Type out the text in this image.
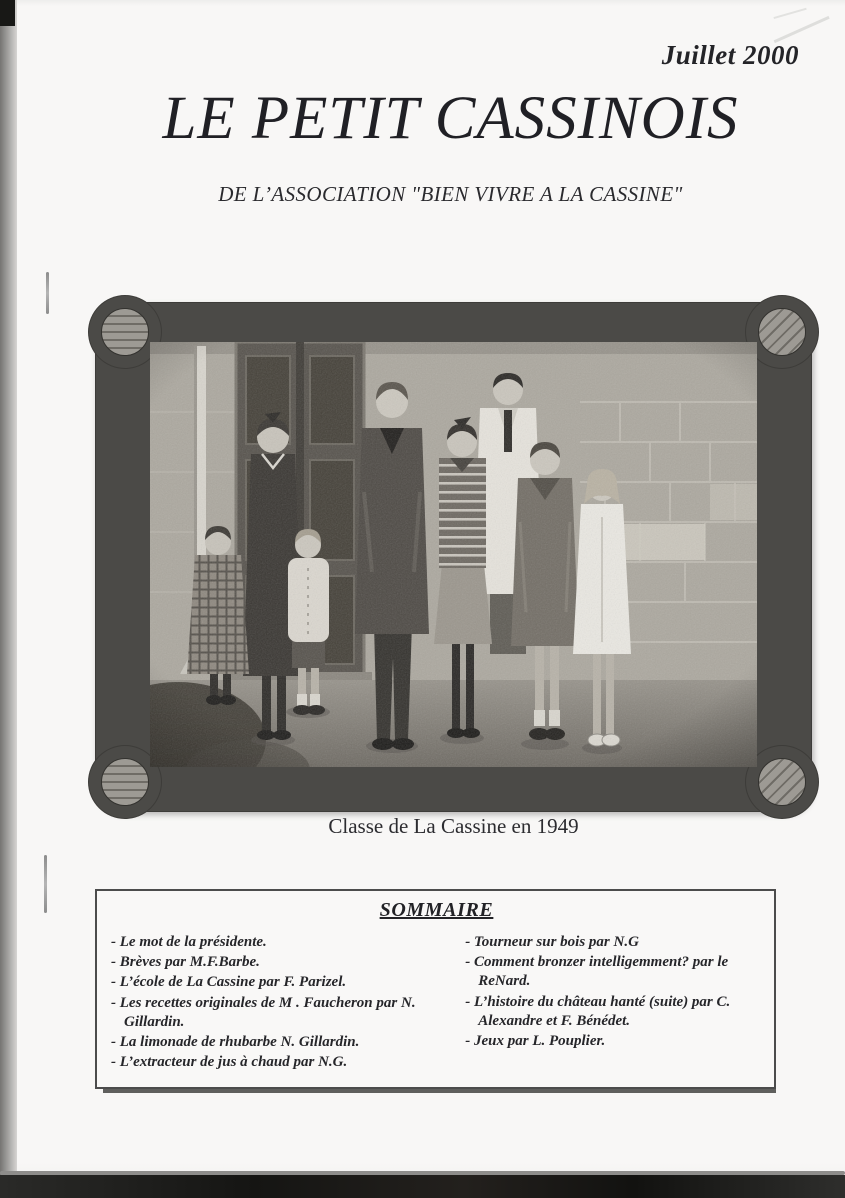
Juillet 2000
LE PETIT CASSINOIS
DE L’ASSOCIATION "BIEN VIVRE A LA CASSINE"
Classe de La Cassine en 1949
SOMMAIRE
- Le mot de la présidente.
- Brèves par M.F.Barbe.
- L’école de La Cassine par F. Parizel.
- Les recettes originales de M . Faucheron par N. Gillardin.
- La limonade de rhubarbe N. Gillardin.
- L’extracteur de jus à chaud par N.G.
- Tourneur sur bois par N.G
- Comment bronzer intelligemment? par le ReNard.
- L’histoire du château hanté (suite) par C. Alexandre et F. Bénédet.
- Jeux par L. Pouplier.
